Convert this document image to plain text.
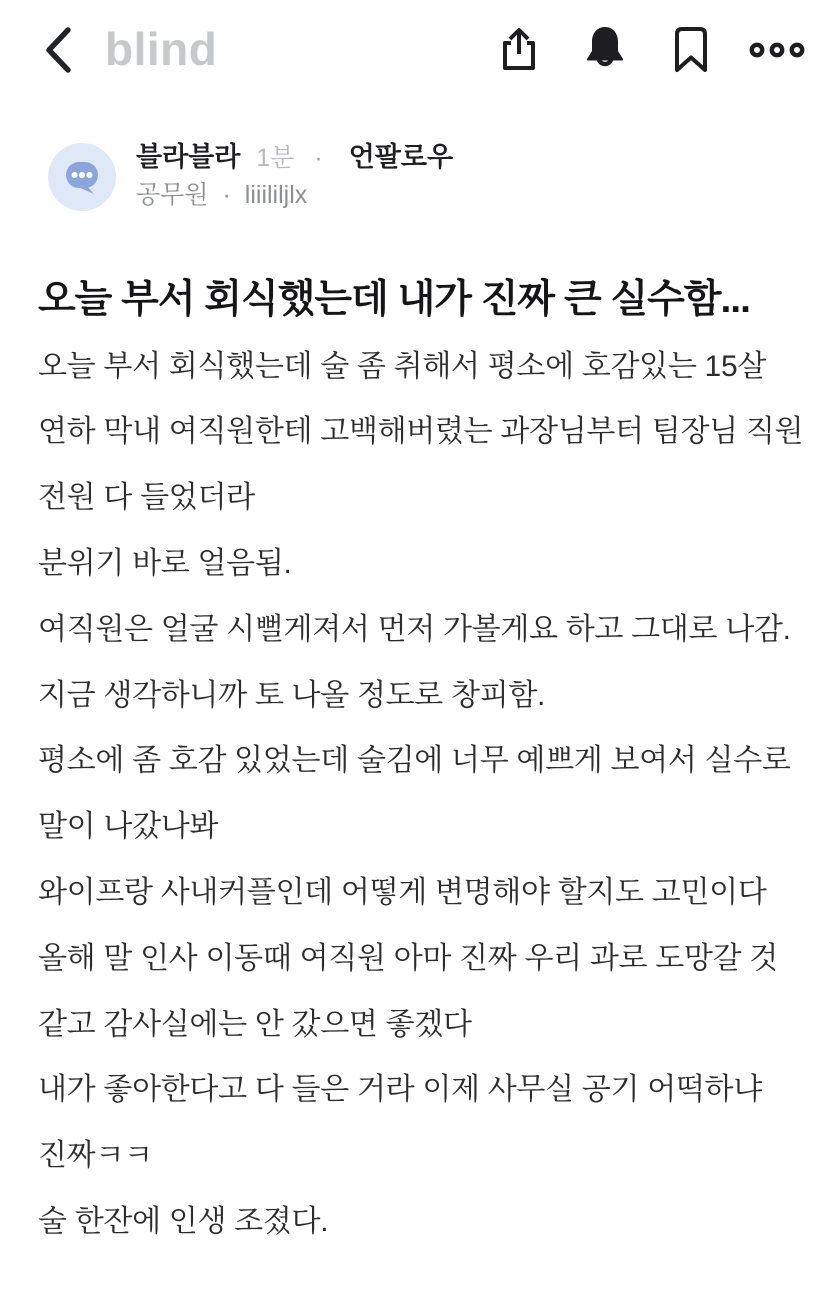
blind
블라블라 1분 · 언팔로우
공무원 · liiililjlx
오늘 부서 회식했는데 내가 진짜 큰 실수함...
오늘 부서 회식했는데 술 좀 취해서 평소에 호감있는 15살
연하 막내 여직원한테 고백해버렸는 과장님부터 팀장님 직원
전원 다 들었더라
분위기 바로 얼음됨.
여직원은 얼굴 시뻘게져서 먼저 가볼게요 하고 그대로 나감.
지금 생각하니까 토 나올 정도로 창피함.
평소에 좀 호감 있었는데 술김에 너무 예쁘게 보여서 실수로
말이 나갔나봐
와이프랑 사내커플인데 어떻게 변명해야 할지도 고민이다
올해 말 인사 이동때 여직원 아마 진짜 우리 과로 도망갈 것
같고 감사실에는 안 갔으면 좋겠다
내가 좋아한다고 다 들은 거라 이제 사무실 공기 어떡하냐
진짜ㅋㅋ
술 한잔에 인생 조졌다.
